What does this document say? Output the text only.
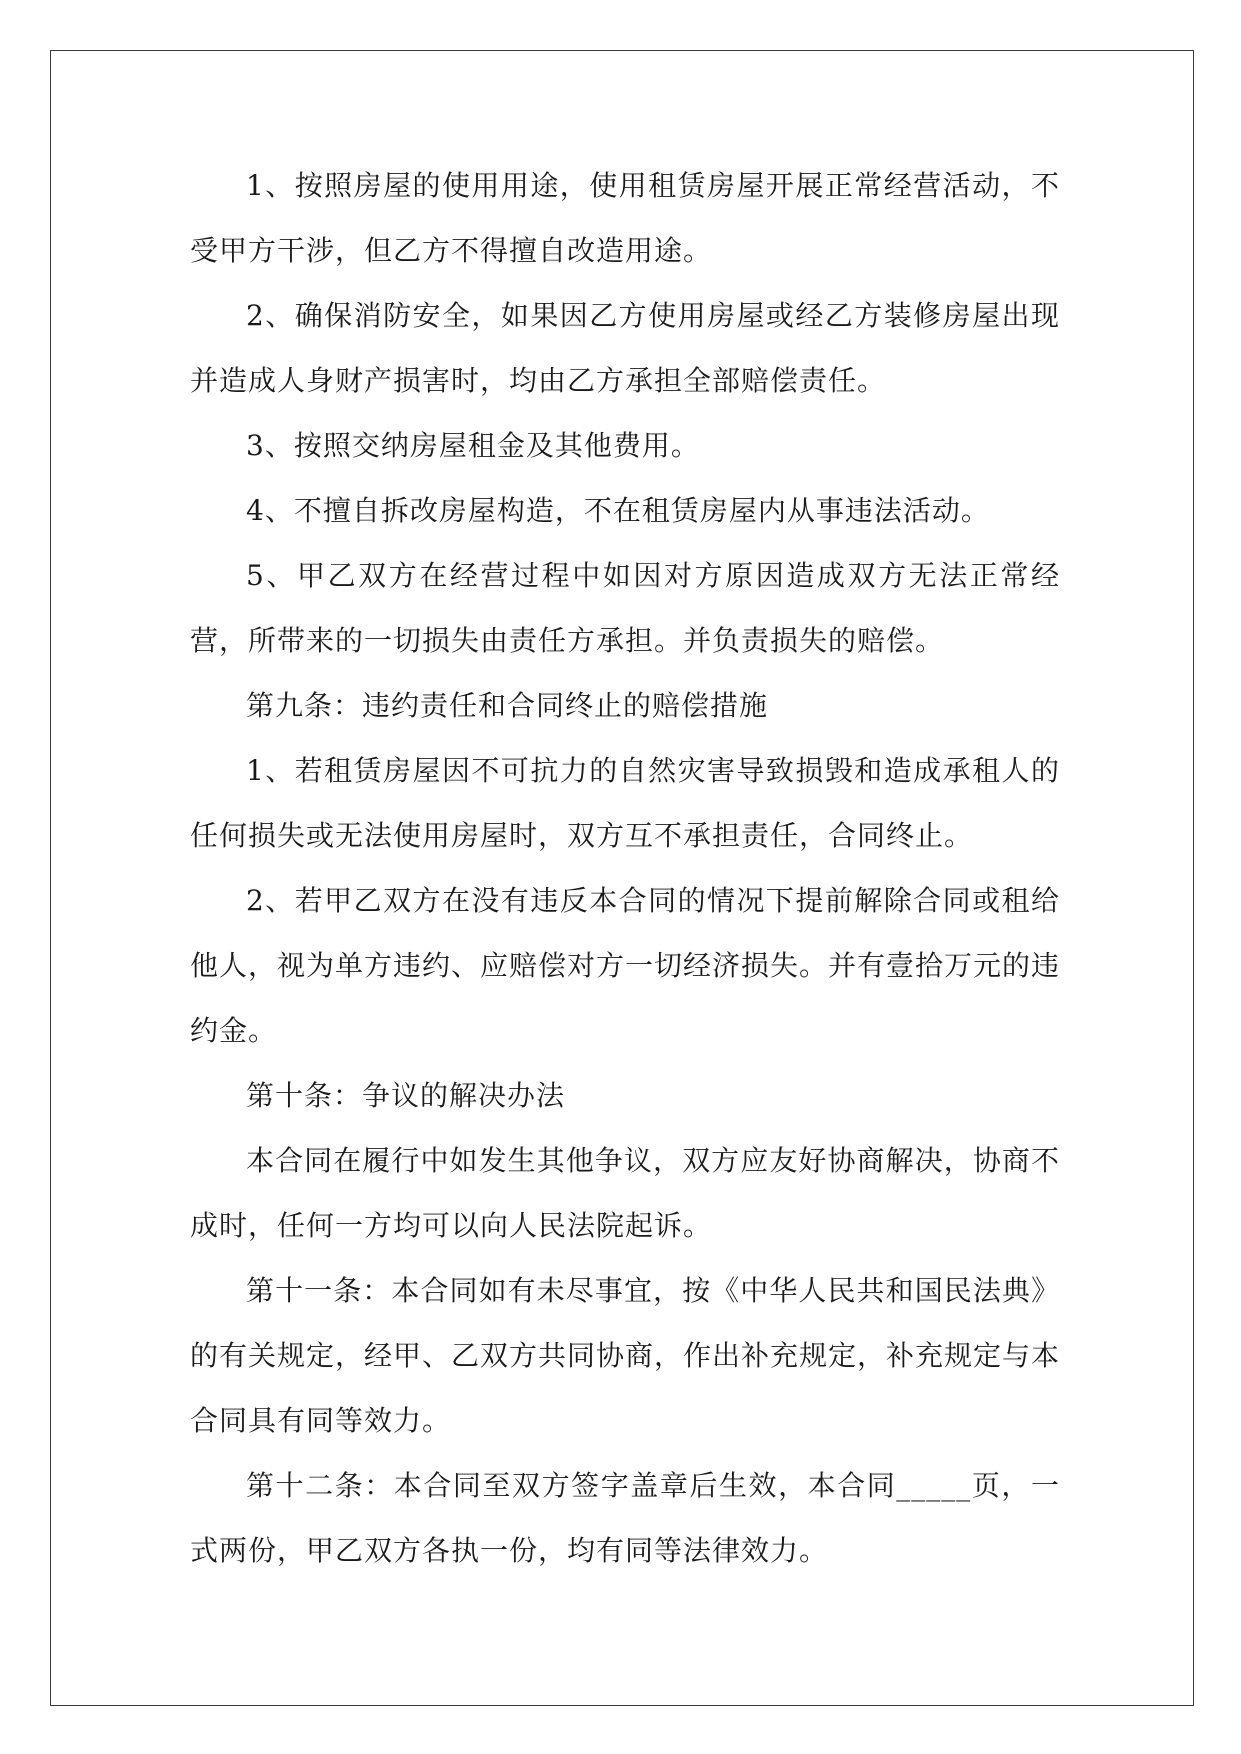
1、按照房屋的使用用途，使用租赁房屋开展正常经营活动，不受甲方干涉，但乙方不得擅自改造用途。

2、确保消防安全，如果因乙方使用房屋或经乙方装修房屋出现并造成人身财产损害时，均由乙方承担全部赔偿责任。

3、按照交纳房屋租金及其他费用。

4、不擅自拆改房屋构造，不在租赁房屋内从事违法活动。

5、甲乙双方在经营过程中如因对方原因造成双方无法正常经营，所带来的一切损失由责任方承担。并负责损失的赔偿。

第九条：违约责任和合同终止的赔偿措施

1、若租赁房屋因不可抗力的自然灾害导致损毁和造成承租人的任何损失或无法使用房屋时，双方互不承担责任，合同终止。

2、若甲乙双方在没有违反本合同的情况下提前解除合同或租给他人，视为单方违约、应赔偿对方一切经济损失。并有壹拾万元的违约金。

第十条：争议的解决办法

本合同在履行中如发生其他争议，双方应友好协商解决，协商不成时，任何一方均可以向人民法院起诉。

第十一条：本合同如有未尽事宜，按《中华人民共和国民法典》的有关规定，经甲、乙双方共同协商，作出补充规定，补充规定与本合同具有同等效力。

第十二条：本合同至双方签字盖章后生效，本合同_____页，一式两份，甲乙双方各执一份，均有同等法律效力。
